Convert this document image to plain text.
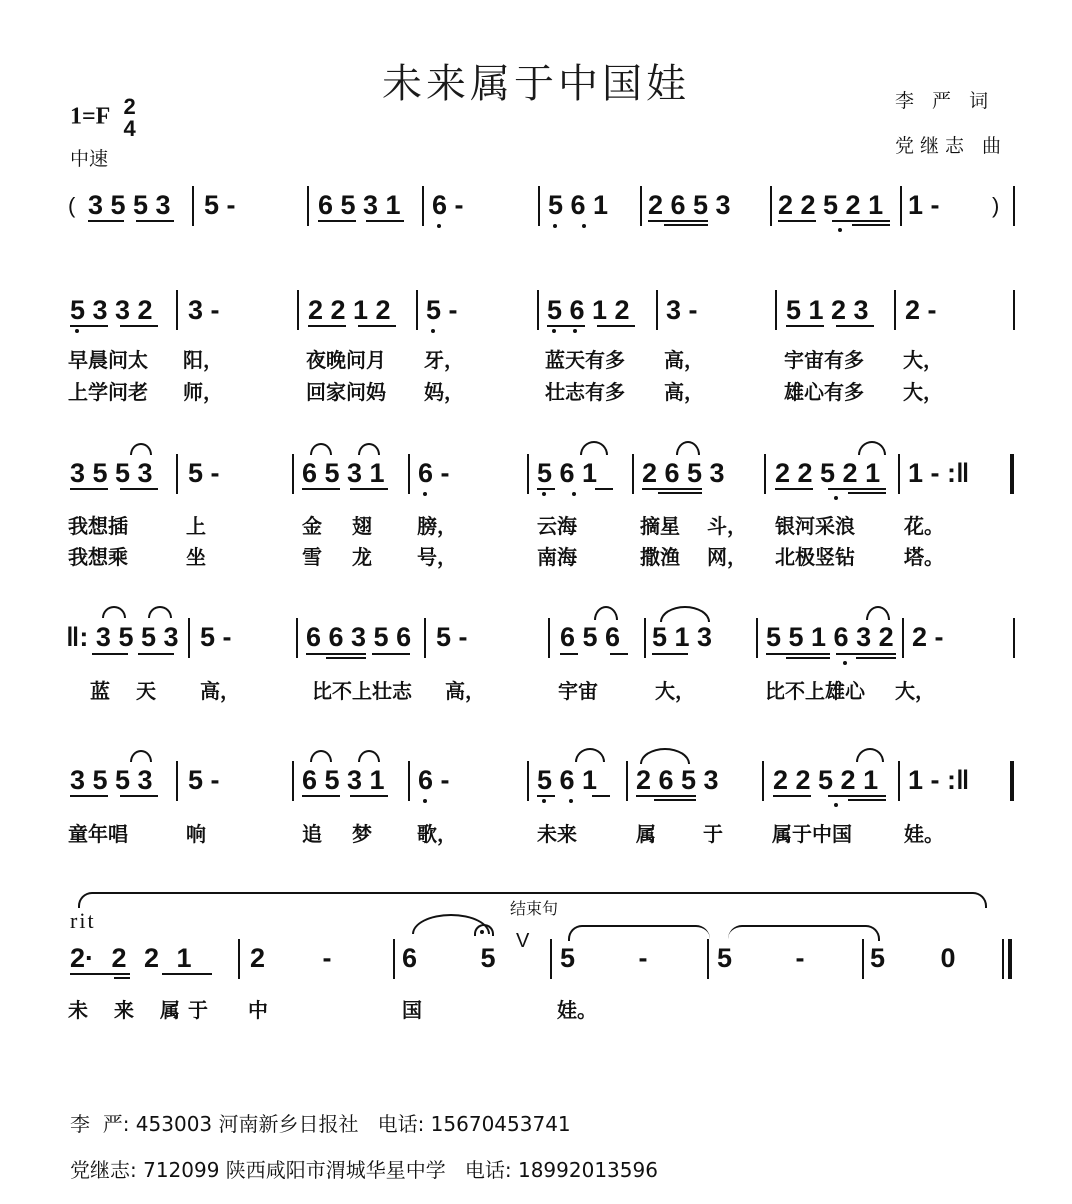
未来属于中国娃
1=F 2
4
中速
李 严 词
党继志 曲
( 3 5 5 3 5 -	6 5 3 1 6 -	5 6 1 2 6 5 3 2 2 5 2 1 1 - )
5 3 3 2 3 -	2 2 1 2 5 -	5 6 1 2 3 -	5 1 2 3 2 -
早晨问太 阳，	夜晚问月 牙，	蓝天有多 高，	宇宙有多 大，
上学问老 师，	回家问妈 妈，	壮志有多 高，	雄心有多 大，
3 5 5 3 5 -	6 5 3 1 6 -	5 6 1 2 6 5 3 2 2 5 2 1 1 - :‖
我想插	上	金 翅 膀，	云海	摘星 斗， 银河采浪 花。
我想乘	坐	雪 龙 号，	南海	撒渔 网， 北极竖钻 塔。
‖: 3 5 5 3 5 -	6 6 3 5 6 5 -	6 5 6 5 1 3 5 5 1 6 3 2 2 -
蓝 天 高，	比不上壮志 高，	宇宙	大，	比不上雄心 大，
3 5 5 3 5 -	6 5 3 1 6 -	5 6 1 2 6 5 3 2 2 5 2 1 1 - :‖
童年唱	响	追 梦 歌，	未来	属 于 属于中国	娃。
rit	结束句
V
2· 2 2 1 2 -	6 5 5 -	5 - 5 0
未 来 属于 中	国	娃。
李  严: 453003 河南新乡日报社   电话: 15670453741
党继志: 712099 陕西咸阳市渭城华星中学   电话: 18992013596
